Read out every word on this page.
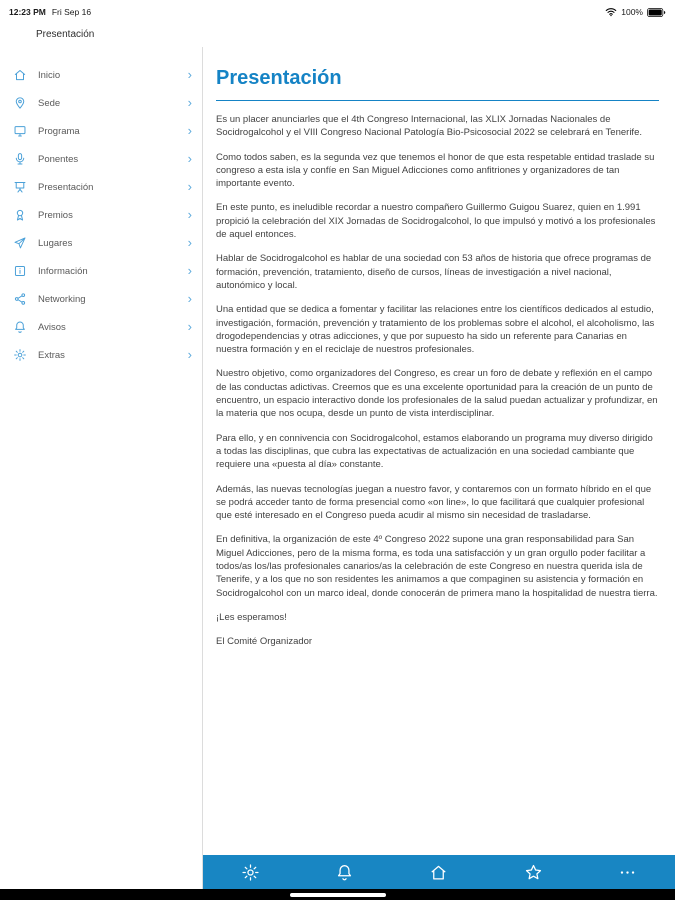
12:23 PM Fri Sep 16	100%
Presentación
Inicio	›
Sede	›
Programa	›
Ponentes	›
Presentación	›
Premios	›
Lugares	›
Información	›
Networking	›
Avisos	›
Extras	›
Presentación

Es un placer anunciarles que el 4th Congreso Internacional, las XLIX Jornadas Nacionales de Socidrogalcohol y el VIII Congreso Nacional Patología Bio-Psicosocial 2022 se celebrará en Tenerife.

Como todos saben, es la segunda vez que tenemos el honor de que esta respetable entidad traslade su congreso a esta isla y confíe en San Miguel Adicciones como anfitriones y organizadores de tan importante evento.

En este punto, es ineludible recordar a nuestro compañero Guillermo Guigou Suarez, quien en 1.991 propició la celebración del XIX Jornadas de Socidrogalcohol, lo que impulsó y motivó a los profesionales de aquel entonces.

Hablar de Socidrogalcohol es hablar de una sociedad con 53 años de historia que ofrece programas de formación, prevención, tratamiento, diseño de cursos, líneas de investigación a nivel nacional, autonómico y local.

Una entidad que se dedica a fomentar y facilitar las relaciones entre los científicos dedicados al estudio, investigación, formación, prevención y tratamiento de los problemas sobre el alcohol, el alcoholismo, las drogodependencias y otras adicciones, y que por supuesto ha sido un referente para Canarias en nuestra formación y en el reciclaje de nuestros profesionales.

Nuestro objetivo, como organizadores del Congreso, es crear un foro de debate y reflexión en el campo de las conductas adictivas. Creemos que es una excelente oportunidad para la creación de un punto de encuentro, un espacio interactivo donde los profesionales de la salud puedan actualizar y profundizar, en la materia que nos ocupa, desde un punto de vista interdisciplinar.

Para ello, y en connivencia con Socidrogalcohol, estamos elaborando un programa muy diverso dirigido a todas las disciplinas, que cubra las expectativas de actualización en una sociedad cambiante que requiere una «puesta al día» constante.

Además, las nuevas tecnologías juegan a nuestro favor, y contaremos con un formato híbrido en el que se podrá acceder tanto de forma presencial como «on line», lo que facilitará que cualquier profesional que esté interesado en el Congreso pueda acudir al mismo sin necesidad de trasladarse.

En definitiva, la organización de este 4º Congreso 2022 supone una gran responsabilidad para San Miguel Adicciones, pero de la misma forma, es toda una satisfacción y un gran orgullo poder facilitar a todos/as los/las profesionales canarios/as la celebración de este Congreso en nuestra querida isla de Tenerife, y a los que no son residentes les animamos a que compaginen su asistencia y formación en Socidrogalcohol con un marco ideal, donde conocerán de primera mano la hospitalidad de nuestra tierra.

¡Les esperamos!

El Comité Organizador
